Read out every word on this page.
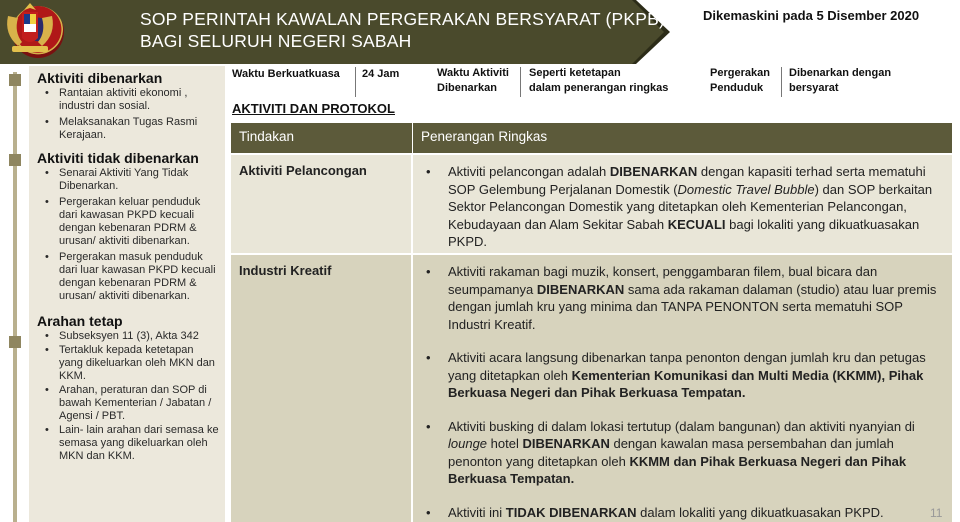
SOP PERINTAH KAWALAN PERGERAKAN BERSYARAT (PKPB)
BAGI SELURUH NEGERI SABAH
Dikemaskini pada 5 Disember 2020
Aktiviti dibenarkan
• Rantaian aktiviti ekonomi , industri dan sosial.
• Melaksanakan Tugas Rasmi Kerajaan.
Aktiviti tidak dibenarkan
• Senarai Aktiviti Yang Tidak Dibenarkan.
• Pergerakan keluar penduduk dari kawasan PKPD kecuali dengan kebenaran PDRM & urusan/ aktiviti dibenarkan.
• Pergerakan masuk penduduk dari luar kawasan PKPD kecuali dengan kebenaran PDRM & urusan/ aktiviti dibenarkan.
Arahan tetap
• Subseksyen 11 (3), Akta 342
• Tertakluk kepada ketetapan yang dikeluarkan oleh MKN dan KKM.
• Arahan, peraturan dan SOP di bawah Kementerian / Jabatan / Agensi / PBT.
• Lain- lain arahan dari semasa ke semasa yang dikeluarkan oleh MKN dan KKM.
Waktu Berkuatkuasa 24 Jam	Waktu Aktiviti
Dibenarkan
Seperti ketetapan
dalam penerangan ringkas
Pergerakan
Penduduk
Dibenarkan dengan
bersyarat
AKTIVITI DAN PROTOKOL
Tindakan	Penerangan Ringkas
Aktiviti Pelancongan	• Aktiviti pelancongan adalah DIBENARKAN dengan kapasiti terhad serta mematuhi SOP Gelembung Perjalanan Domestik (Domestic Travel Bubble) dan SOP berkaitan Sektor Pelancongan Domestik yang ditetapkan oleh Kementerian Pelancongan, Kebudayaan dan Alam Sekitar Sabah KECUALI bagi lokaliti yang dikuatkuasakan PKPD.
Industri Kreatif	• Aktiviti rakaman bagi muzik, konsert, penggambaran filem, bual bicara dan seumpamanya DIBENARKAN sama ada rakaman dalaman (studio) atau luar premis dengan jumlah kru yang minima dan TANPA PENONTON serta mematuhi SOP Industri Kreatif.
• Aktiviti acara langsung dibenarkan tanpa penonton dengan jumlah kru dan petugas yang ditetapkan oleh Kementerian Komunikasi dan Multi Media (KKMM), Pihak Berkuasa Negeri dan Pihak Berkuasa Tempatan.
• Aktiviti busking di dalam lokasi tertutup (dalam bangunan) dan aktiviti nyanyian di lounge hotel DIBENARKAN dengan kawalan masa persembahan dan jumlah penonton yang ditetapkan oleh KKMM dan Pihak Berkuasa Negeri dan Pihak Berkuasa Tempatan.
• Aktiviti ini TIDAK DIBENARKAN dalam lokaliti yang dikuatkuasakan PKPD.	11
